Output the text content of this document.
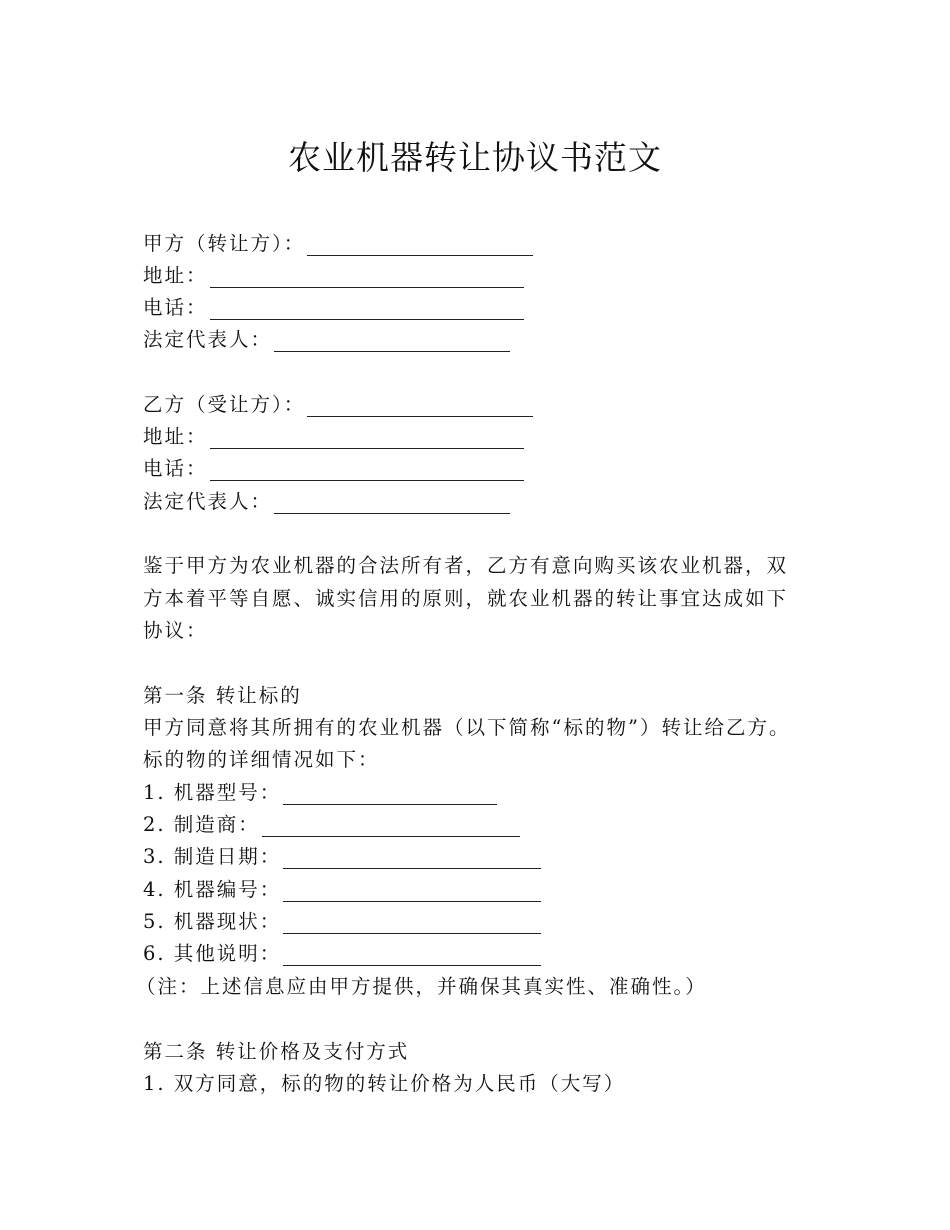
农业机器转让协议书范文
甲方（转让方）：
地址：
电话：
法定代表人：
乙方（受让方）：
地址：
电话：
法定代表人：
鉴于甲方为农业机器的合法所有者，乙方有意向购买该农业机器，双
方本着平等自愿、诚实信用的原则，就农业机器的转让事宜达成如下
协议：
第一条 转让标的
甲方同意将其所拥有的农业机器（以下简称“标的物”）转让给乙方。
标的物的详细情况如下：
1. 机器型号：
2. 制造商：
3. 制造日期：
4. 机器编号：
5. 机器现状：
6. 其他说明：
（注：上述信息应由甲方提供，并确保其真实性、准确性。）
第二条 转让价格及支付方式
1. 双方同意，标的物的转让价格为人民币（大写）
